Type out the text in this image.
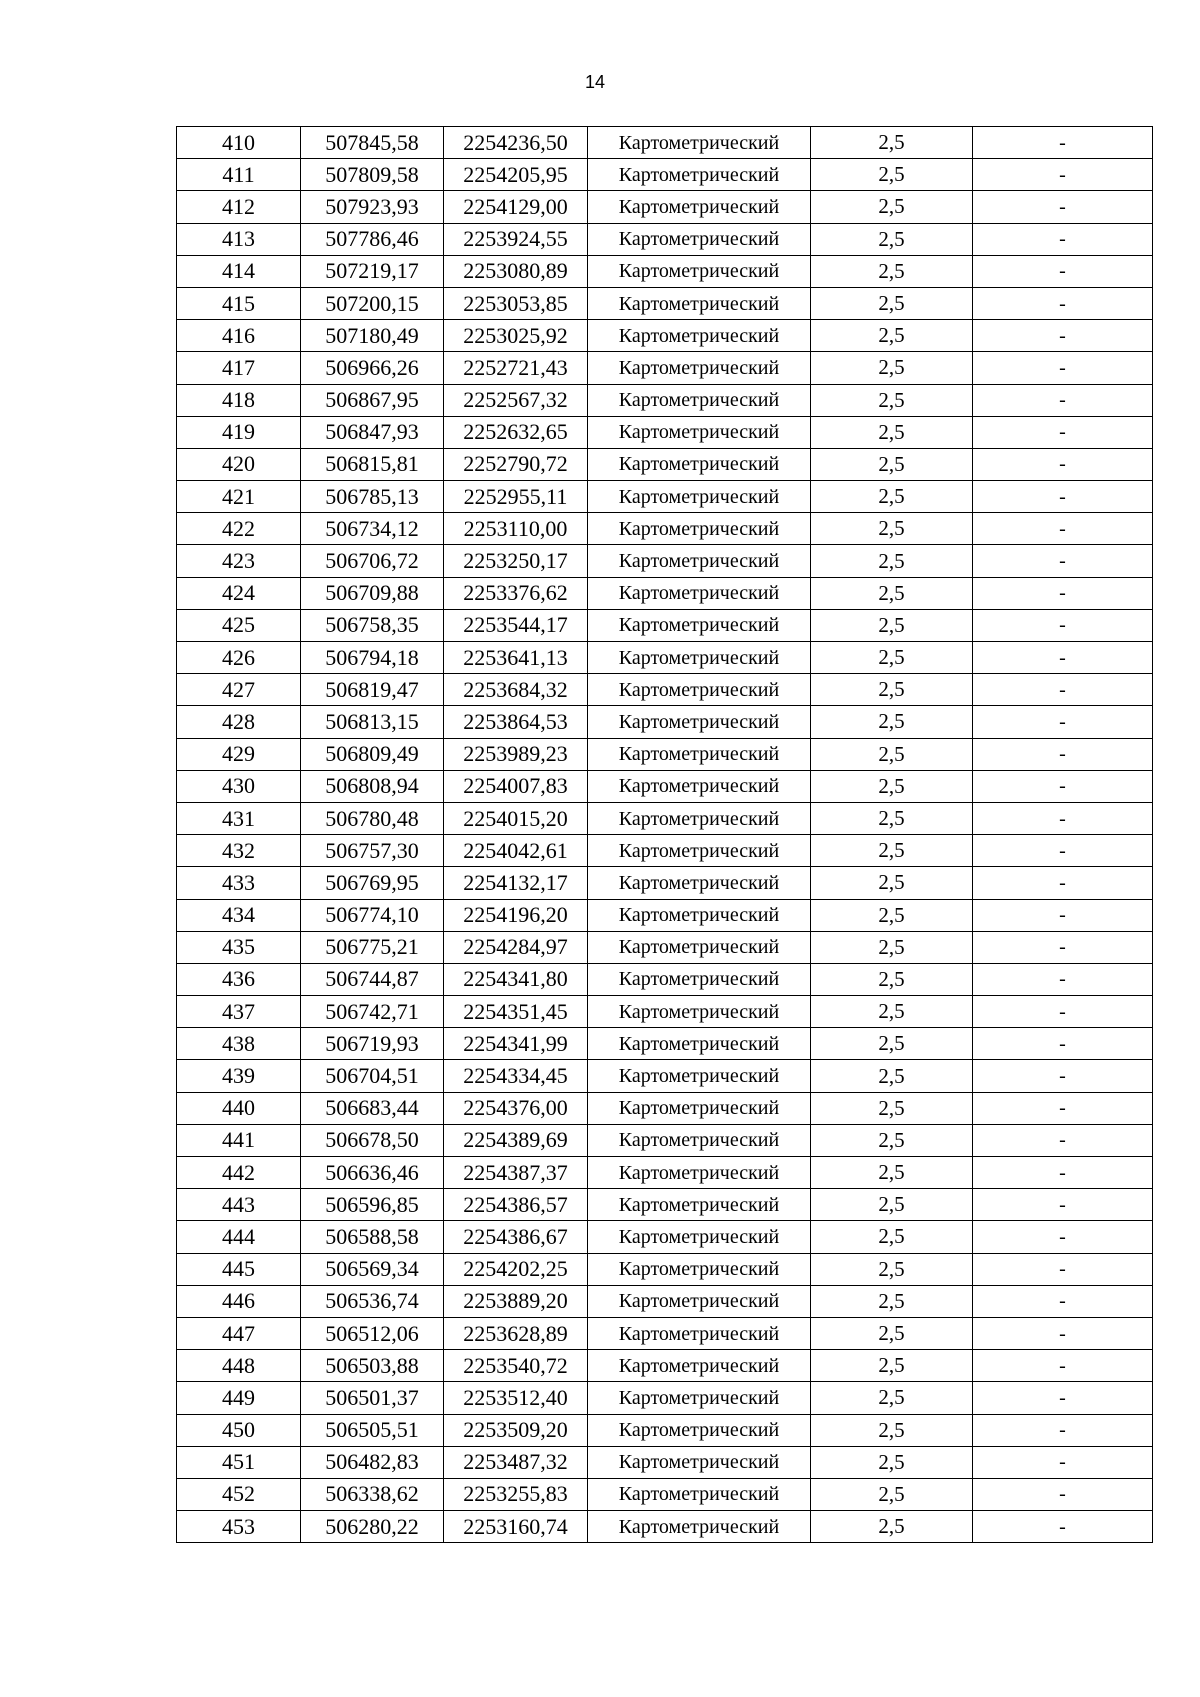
14
410	507845,58	2254236,50	Картометрический	2,5	-
411	507809,58	2254205,95	Картометрический	2,5	-
412	507923,93	2254129,00	Картометрический	2,5	-
413	507786,46	2253924,55	Картометрический	2,5	-
414	507219,17	2253080,89	Картометрический	2,5	-
415	507200,15	2253053,85	Картометрический	2,5	-
416	507180,49	2253025,92	Картометрический	2,5	-
417	506966,26	2252721,43	Картометрический	2,5	-
418	506867,95	2252567,32	Картометрический	2,5	-
419	506847,93	2252632,65	Картометрический	2,5	-
420	506815,81	2252790,72	Картометрический	2,5	-
421	506785,13	2252955,11	Картометрический	2,5	-
422	506734,12	2253110,00	Картометрический	2,5	-
423	506706,72	2253250,17	Картометрический	2,5	-
424	506709,88	2253376,62	Картометрический	2,5	-
425	506758,35	2253544,17	Картометрический	2,5	-
426	506794,18	2253641,13	Картометрический	2,5	-
427	506819,47	2253684,32	Картометрический	2,5	-
428	506813,15	2253864,53	Картометрический	2,5	-
429	506809,49	2253989,23	Картометрический	2,5	-
430	506808,94	2254007,83	Картометрический	2,5	-
431	506780,48	2254015,20	Картометрический	2,5	-
432	506757,30	2254042,61	Картометрический	2,5	-
433	506769,95	2254132,17	Картометрический	2,5	-
434	506774,10	2254196,20	Картометрический	2,5	-
435	506775,21	2254284,97	Картометрический	2,5	-
436	506744,87	2254341,80	Картометрический	2,5	-
437	506742,71	2254351,45	Картометрический	2,5	-
438	506719,93	2254341,99	Картометрический	2,5	-
439	506704,51	2254334,45	Картометрический	2,5	-
440	506683,44	2254376,00	Картометрический	2,5	-
441	506678,50	2254389,69	Картометрический	2,5	-
442	506636,46	2254387,37	Картометрический	2,5	-
443	506596,85	2254386,57	Картометрический	2,5	-
444	506588,58	2254386,67	Картометрический	2,5	-
445	506569,34	2254202,25	Картометрический	2,5	-
446	506536,74	2253889,20	Картометрический	2,5	-
447	506512,06	2253628,89	Картометрический	2,5	-
448	506503,88	2253540,72	Картометрический	2,5	-
449	506501,37	2253512,40	Картометрический	2,5	-
450	506505,51	2253509,20	Картометрический	2,5	-
451	506482,83	2253487,32	Картометрический	2,5	-
452	506338,62	2253255,83	Картометрический	2,5	-
453	506280,22	2253160,74	Картометрический	2,5	-
